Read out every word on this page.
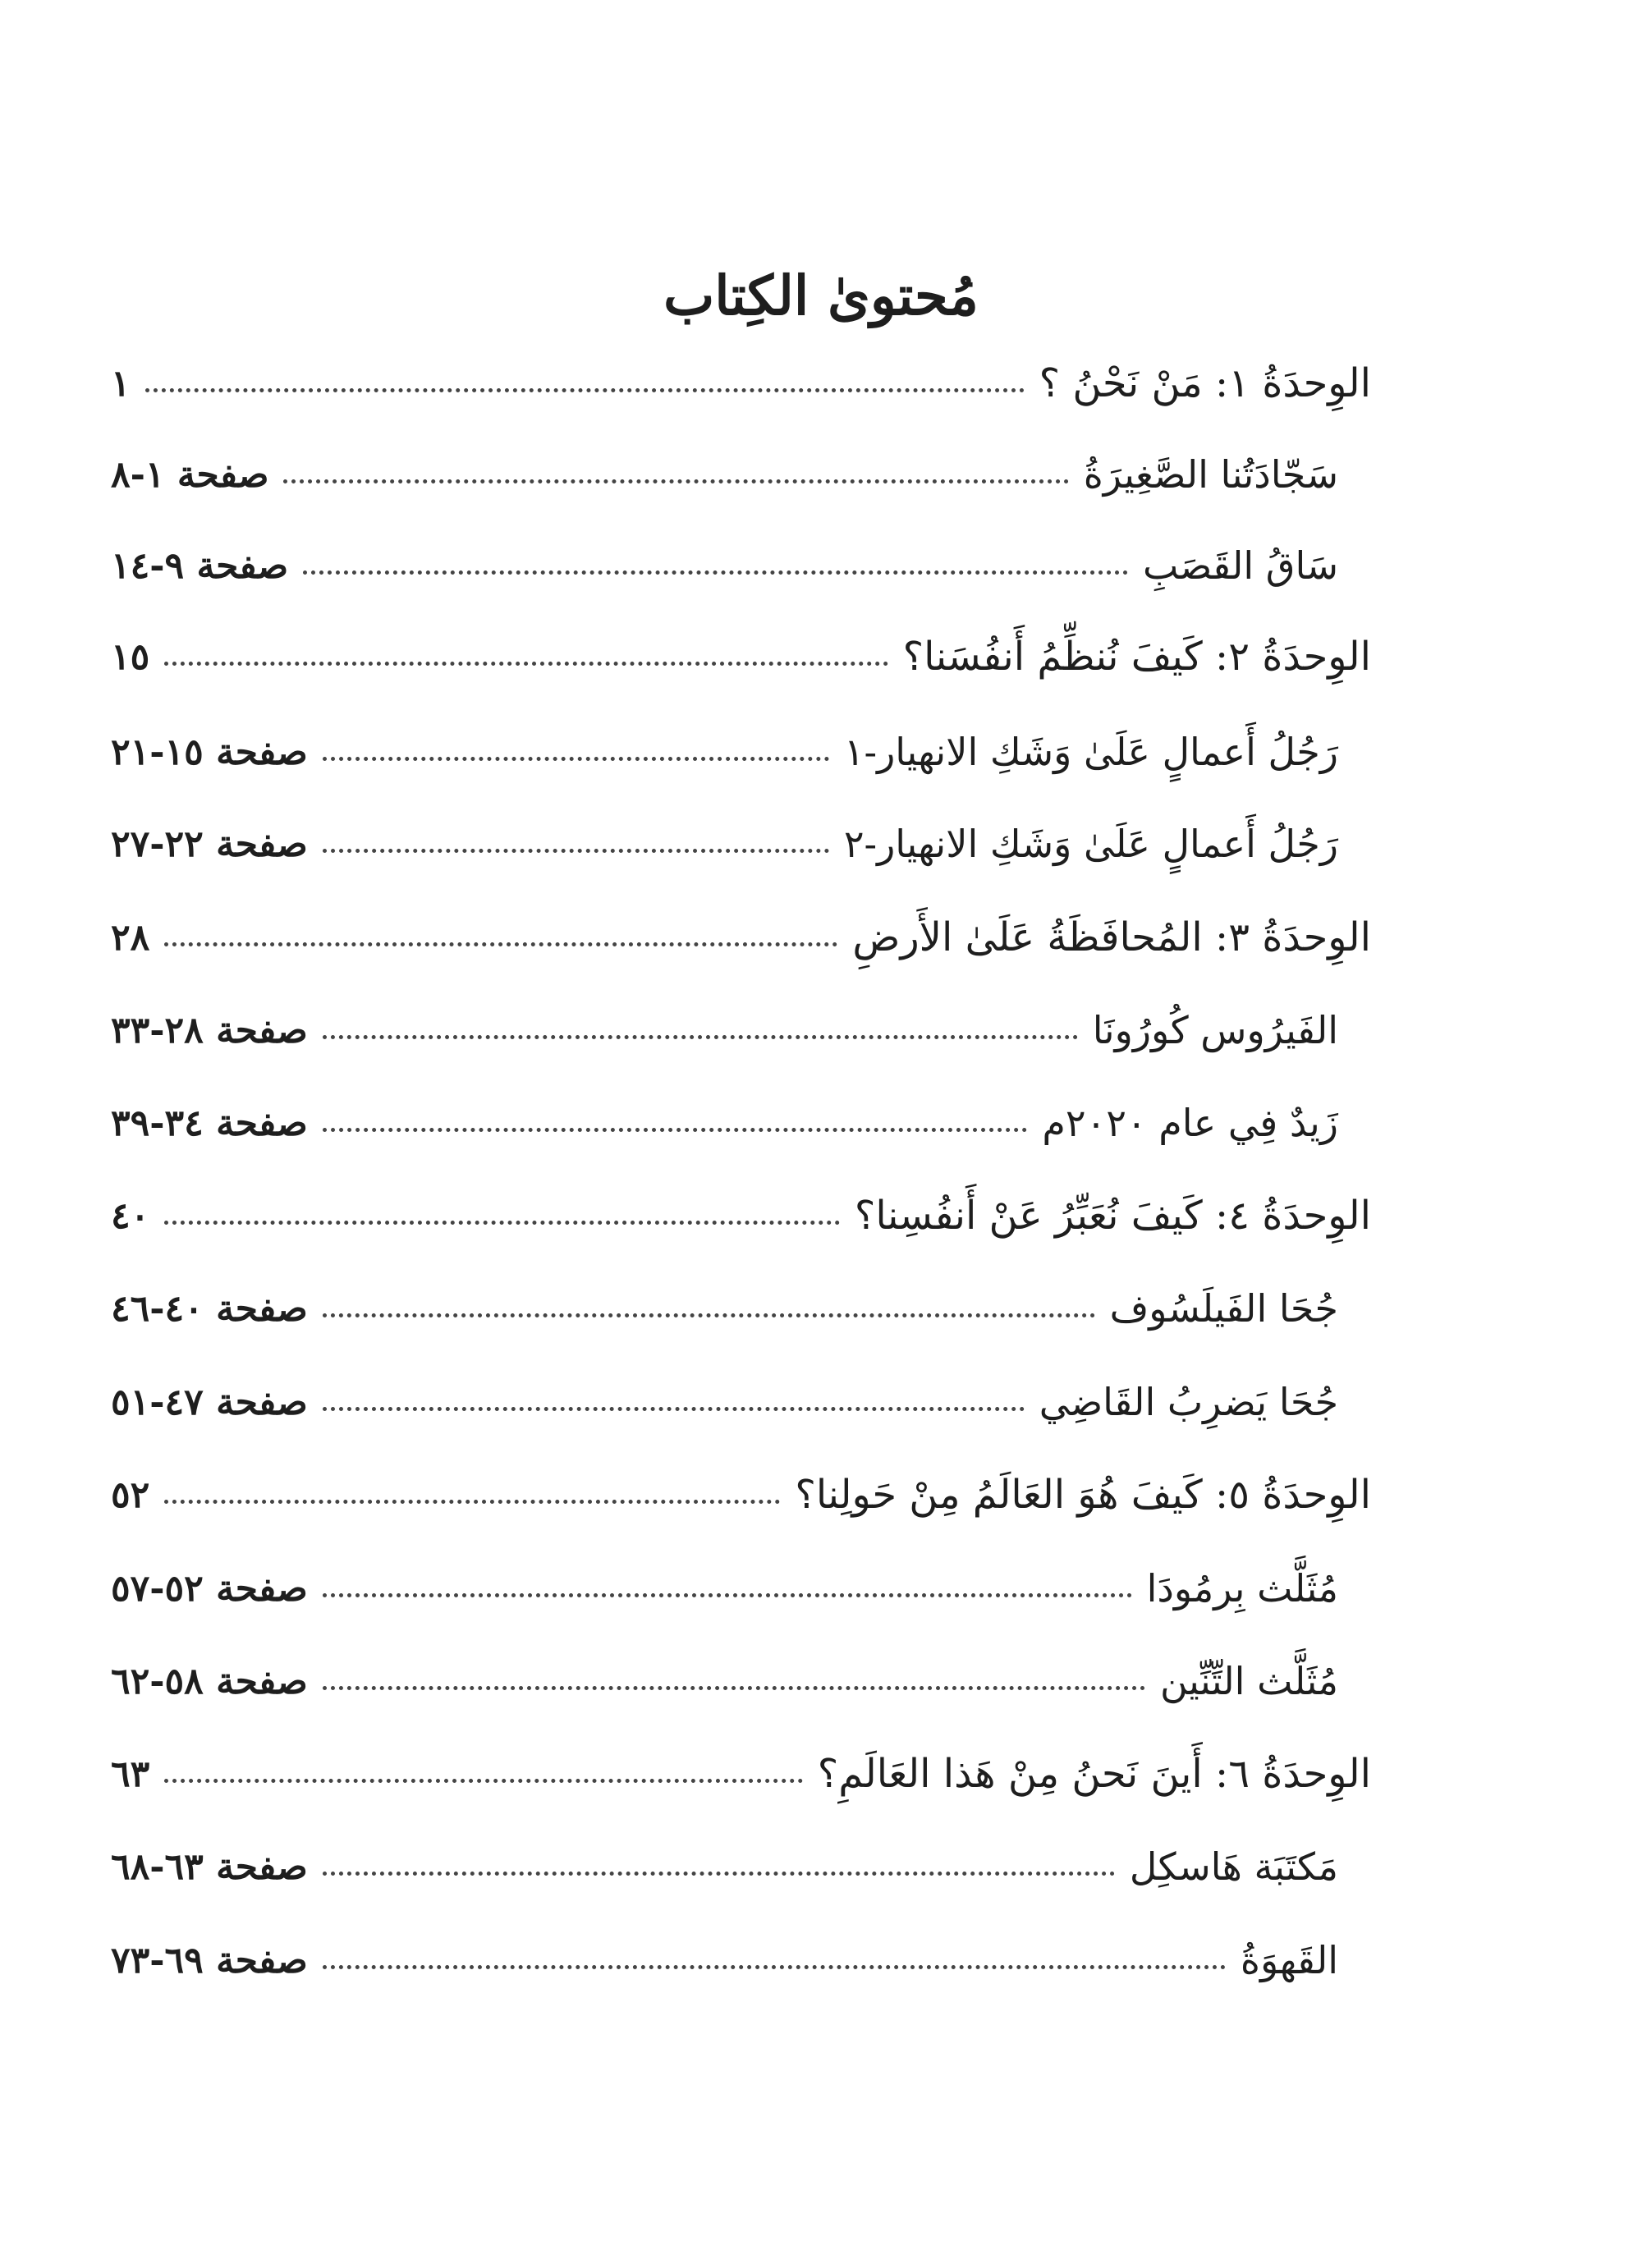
مُحتوىٰ الكِتاب
الوِحدَةُ ١: مَنْ نَحْنُ ؟
١
سَجّادَتُنا الصَّغِيرَةُ
صفحة ١-٨
سَاقُ القَصَبِ
صفحة ٩-١٤
الوِحدَةُ ٢: كَيفَ نُنظِّمُ أَنفُسَنا؟
١٥
رَجُلُ أَعمالٍ عَلَىٰ وَشَكِ الانهيار-١
صفحة ١٥-٢١
رَجُلُ أَعمالٍ عَلَىٰ وَشَكِ الانهيار-٢
صفحة ٢٢-٢٧
الوِحدَةُ ٣: المُحافَظَةُ عَلَىٰ الأَرضِ
٢٨
الفَيرُوس كُورُونَا
صفحة ٢٨-٣٣
زَيدٌ فِي عام ٢٠٢٠م
صفحة ٣٤-٣٩
الوِحدَةُ ٤: كَيفَ نُعَبِّرُ عَنْ أَنفُسِنا؟
٤٠
جُحَا الفَيلَسُوف
صفحة ٤٠-٤٦
جُحَا يَضرِبُ القَاضِي
صفحة ٤٧-٥١
الوِحدَةُ ٥: كَيفَ هُوَ العَالَمُ مِنْ حَولِنا؟
٥٢
مُثَلَّث بِرمُودَا
صفحة ٥٢-٥٧
مُثَلَّث التِّنِّين
صفحة ٥٨-٦٢
الوِحدَةُ ٦: أَينَ نَحنُ مِنْ هَذا العَالَمِ؟
٦٣
مَكتَبَة هَاسكِل
صفحة ٦٣-٦٨
القَهوَةُ
صفحة ٦٩-٧٣
